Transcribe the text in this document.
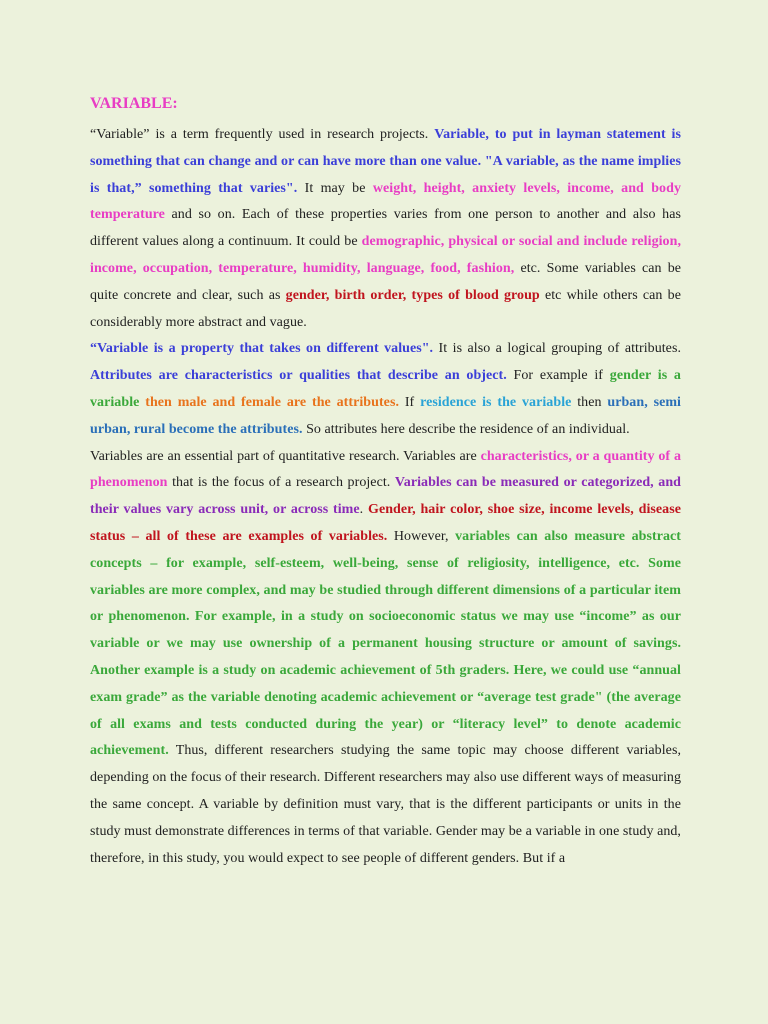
VARIABLE:

“Variable” is a term frequently used in research projects. Variable, to put in layman statement is something that can change and or can have more than one value. "A variable, as the name implies is that,” something that varies". It may be weight, height, anxiety levels, income, and body temperature and so on. Each of these properties varies from one person to another and also has different values along a continuum. It could be demographic, physical or social and include religion, income, occupation, temperature, humidity, language, food, fashion, etc. Some variables can be quite concrete and clear, such as gender, birth order, types of blood group etc while others can be considerably more abstract and vague.

“Variable is a property that takes on different values". It is also a logical grouping of attributes. Attributes are characteristics or qualities that describe an object. For example if gender is a variable then male and female are the attributes. If residence is the variable then urban, semi urban, rural become the attributes. So attributes here describe the residence of an individual.

Variables are an essential part of quantitative research. Variables are characteristics, or a quantity of a phenomenon that is the focus of a research project. Variables can be measured or categorized, and their values vary across unit, or across time. Gender, hair color, shoe size, income levels, disease status – all of these are examples of variables. However, variables can also measure abstract concepts – for example, self-esteem, well-being, sense of religiosity, intelligence, etc. Some variables are more complex, and may be studied through different dimensions of a particular item or phenomenon. For example, in a study on socioeconomic status we may use “income” as our variable or we may use ownership of a permanent housing structure or amount of savings. Another example is a study on academic achievement of 5th graders. Here, we could use “annual exam grade” as the variable denoting academic achievement or “average test grade" (the average of all exams and tests conducted during the year) or “literacy level” to denote academic achievement. Thus, different researchers studying the same topic may choose different variables, depending on the focus of their research. Different researchers may also use different ways of measuring the same concept. A variable by definition must vary, that is the different participants or units in the study must demonstrate differences in terms of that variable. Gender may be a variable in one study and, therefore, in this study, you would expect to see people of different genders. But if a
